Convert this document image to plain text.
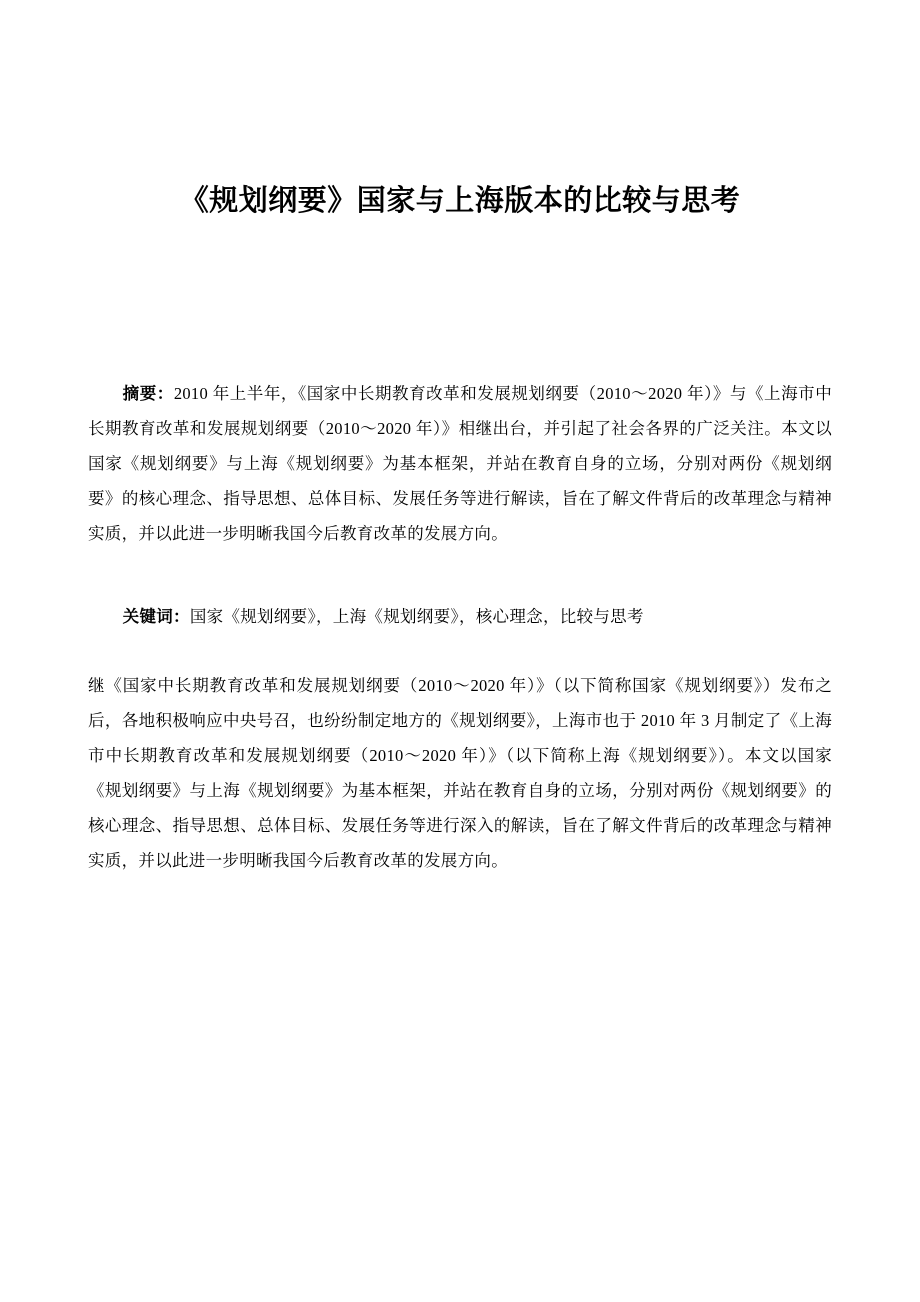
《规划纲要》国家与上海版本的比较与思考

摘要：2010 年上半年，《国家中长期教育改革和发展规划纲要（2010～2020 年）》与《上海市中长期教育改革和发展规划纲要（2010～2020 年）》相继出台，并引起了社会各界的广泛关注。本文以国家《规划纲要》与上海《规划纲要》为基本框架，并站在教育自身的立场，分别对两份《规划纲要》的核心理念、指导思想、总体目标、发展任务等进行解读，旨在了解文件背后的改革理念与精神实质，并以此进一步明晰我国今后教育改革的发展方向。

关键词：国家《规划纲要》，上海《规划纲要》，核心理念，比较与思考

继《国家中长期教育改革和发展规划纲要（2010～2020 年）》（以下简称国家《规划纲要》）发布之后，各地积极响应中央号召，也纷纷制定地方的《规划纲要》，上海市也于 2010 年 3 月制定了《上海市中长期教育改革和发展规划纲要（2010～2020 年）》（以下简称上海《规划纲要》）。本文以国家《规划纲要》与上海《规划纲要》为基本框架，并站在教育自身的立场，分别对两份《规划纲要》的核心理念、指导思想、总体目标、发展任务等进行深入的解读，旨在了解文件背后的改革理念与精神实质，并以此进一步明晰我国今后教育改革的发展方向。
